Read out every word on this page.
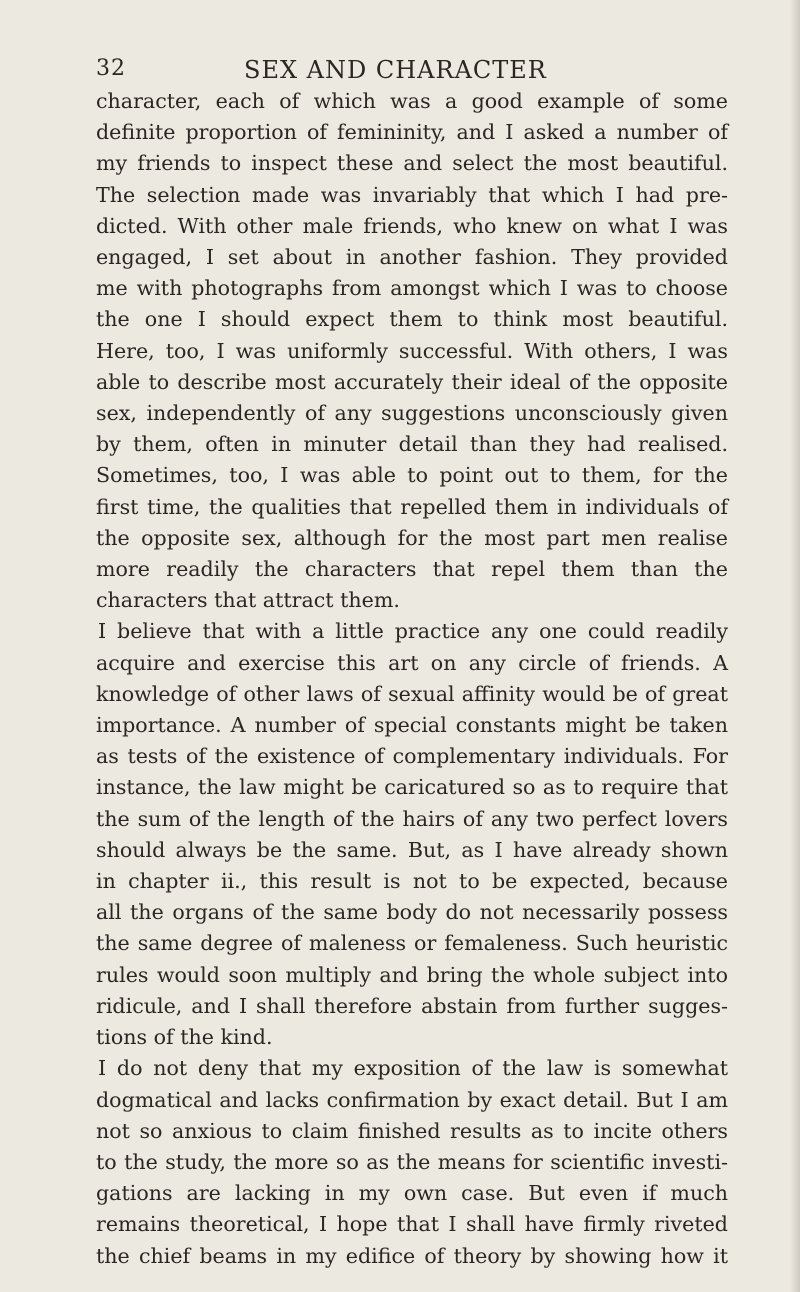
32	SEX AND CHARACTER
character, each of which was a good example of some
definite proportion of femininity, and I asked a number of
my friends to inspect these and select the most beautiful.
The selection made was invariably that which I had pre-
dicted. With other male friends, who knew on what I was
engaged, I set about in another fashion. They provided
me with photographs from amongst which I was to choose
the one I should expect them to think most beautiful.
Here, too, I was uniformly successful. With others, I was
able to describe most accurately their ideal of the opposite
sex, independently of any suggestions unconsciously given
by them, often in minuter detail than they had realised.
Sometimes, too, I was able to point out to them, for the
first time, the qualities that repelled them in individuals of
the opposite sex, although for the most part men realise
more readily the characters that repel them than the
characters that attract them.
I believe that with a little practice any one could readily
acquire and exercise this art on any circle of friends. A
knowledge of other laws of sexual affinity would be of great
importance. A number of special constants might be taken
as tests of the existence of complementary individuals. For
instance, the law might be caricatured so as to require that
the sum of the length of the hairs of any two perfect lovers
should always be the same. But, as I have already shown
in chapter ii., this result is not to be expected, because
all the organs of the same body do not necessarily possess
the same degree of maleness or femaleness. Such heuristic
rules would soon multiply and bring the whole subject into
ridicule, and I shall therefore abstain from further sugges-
tions of the kind.
I do not deny that my exposition of the law is somewhat
dogmatical and lacks confirmation by exact detail. But I am
not so anxious to claim finished results as to incite others
to the study, the more so as the means for scientific investi-
gations are lacking in my own case. But even if much
remains theoretical, I hope that I shall have firmly riveted
the chief beams in my edifice of theory by showing how it
